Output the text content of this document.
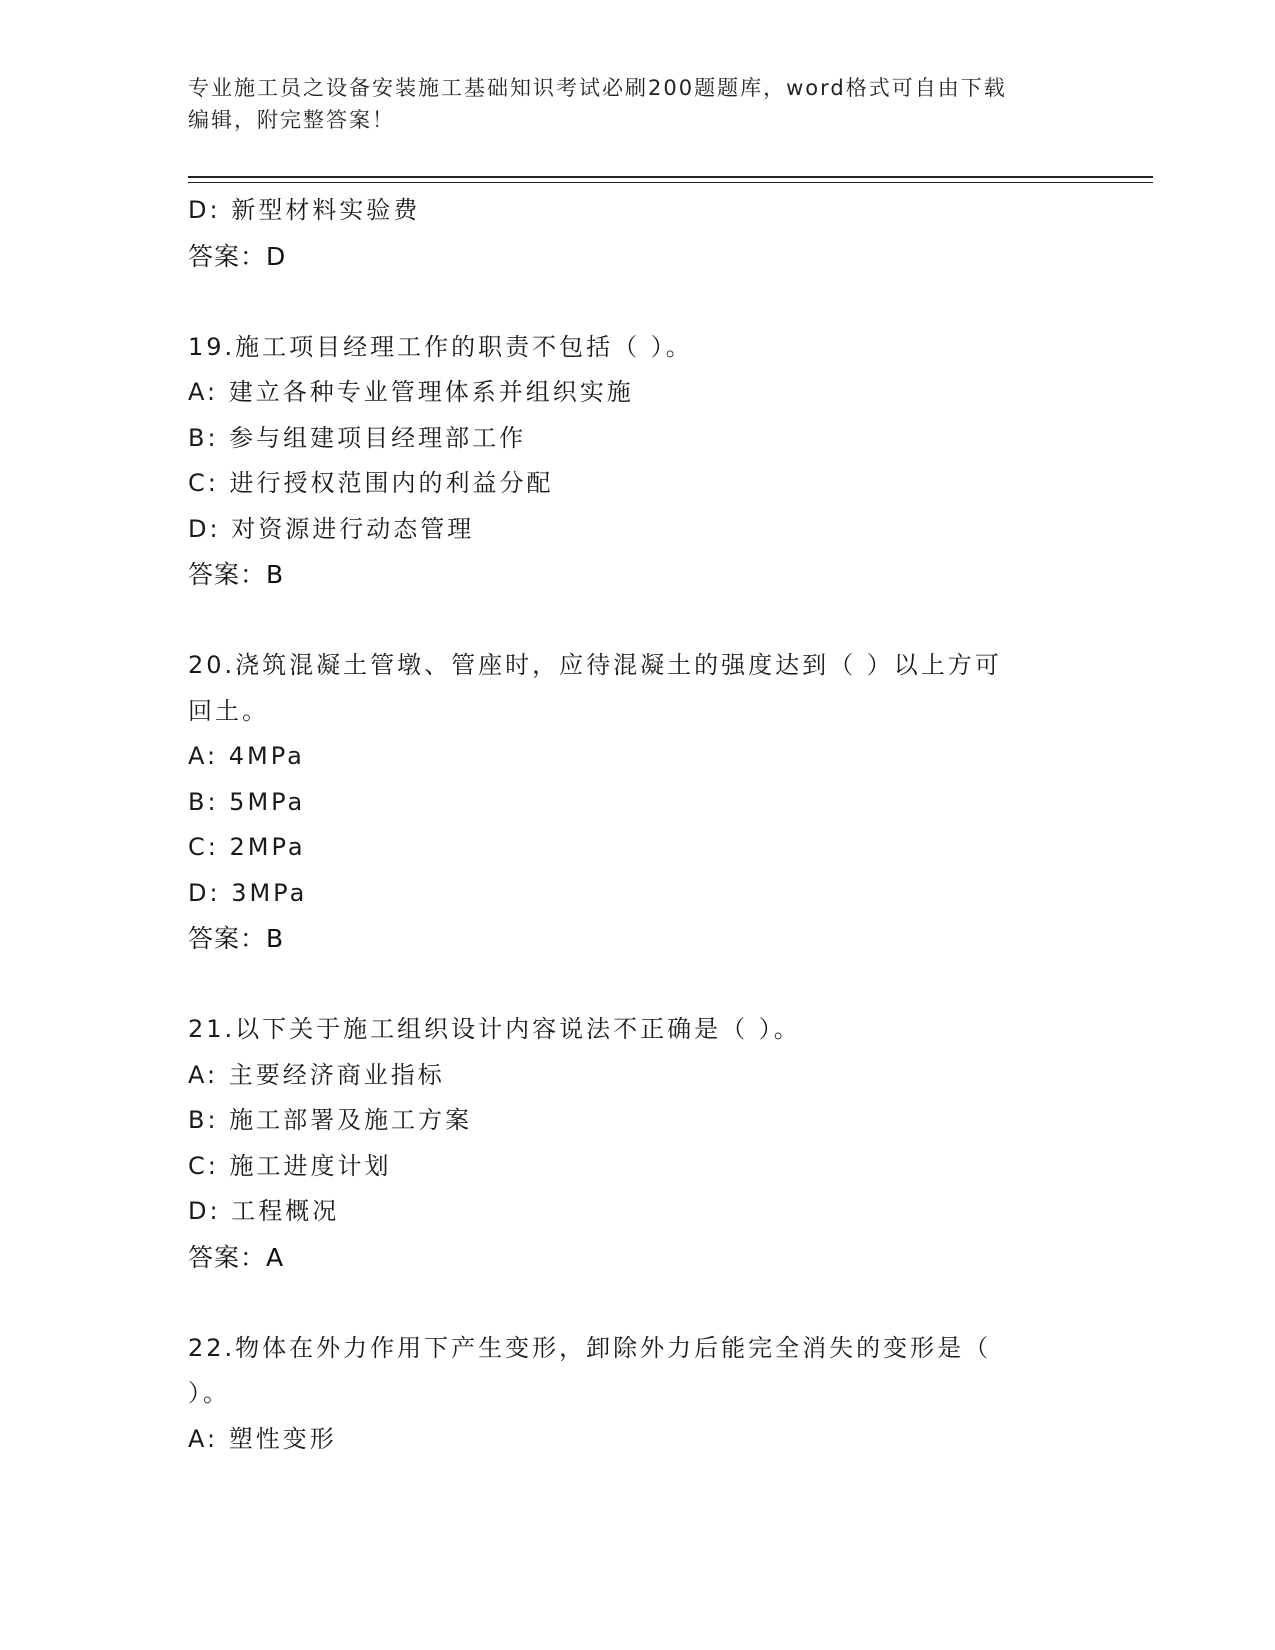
专业施工员之设备安装施工基础知识考试必刷200题题库，word格式可自由下载
编辑，附完整答案！
D: 新型材料实验费
答案：D
19.施工项目经理工作的职责不包括（ ）。
A: 建立各种专业管理体系并组织实施
B: 参与组建项目经理部工作
C: 进行授权范围内的利益分配
D: 对资源进行动态管理
答案：B
20.浇筑混凝土管墩、管座时，应待混凝土的强度达到（ ）以上方可
回土。
A: 4MPa
B: 5MPa
C: 2MPa
D: 3MPa
答案：B
21.以下关于施工组织设计内容说法不正确是（ ）。
A: 主要经济商业指标
B: 施工部署及施工方案
C: 施工进度计划
D: 工程概况
答案：A
22.物体在外力作用下产生变形，卸除外力后能完全消失的变形是（
）。
A: 塑性变形
